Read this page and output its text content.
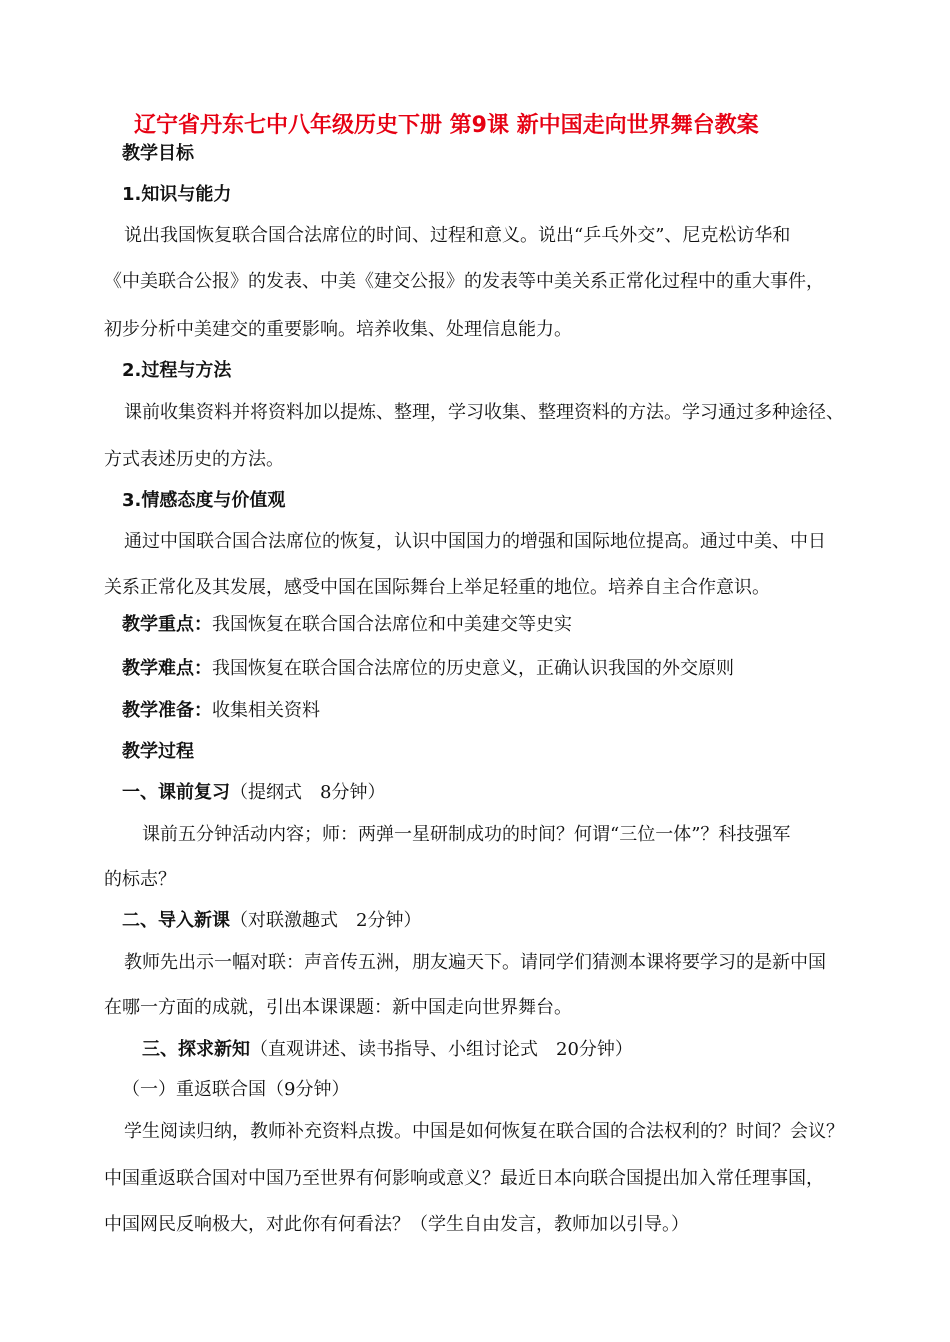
辽宁省丹东七中八年级历史下册 第9课 新中国走向世界舞台教案
教学目标
1.知识与能力
说出我国恢复联合国合法席位的时间、过程和意义。说出“乒乓外交”、尼克松访华和
《中美联合公报》的发表、中美《建交公报》的发表等中美关系正常化过程中的重大事件，
初步分析中美建交的重要影响。培养收集、处理信息能力。
2.过程与方法
课前收集资料并将资料加以提炼、整理，学习收集、整理资料的方法。学习通过多种途径、
方式表述历史的方法。
3.情感态度与价值观
通过中国联合国合法席位的恢复，认识中国国力的增强和国际地位提高。通过中美、中日
关系正常化及其发展，感受中国在国际舞台上举足轻重的地位。培养自主合作意识。
教学重点：我国恢复在联合国合法席位和中美建交等史实
教学难点：我国恢复在联合国合法席位的历史意义，正确认识我国的外交原则
教学准备：收集相关资料
教学过程
一、课前复习（提纲式　8分钟）
课前五分钟活动内容；师：两弹一星研制成功的时间？何谓“三位一体”？科技强军
的标志？
二、导入新课（对联激趣式　2分钟）
教师先出示一幅对联：声音传五洲，朋友遍天下。请同学们猜测本课将要学习的是新中国
在哪一方面的成就，引出本课课题：新中国走向世界舞台。
三、探求新知（直观讲述、读书指导、小组讨论式　20分钟）
（一）重返联合国（9分钟）
学生阅读归纳，教师补充资料点拨。中国是如何恢复在联合国的合法权利的？时间？会议？
中国重返联合国对中国乃至世界有何影响或意义？最近日本向联合国提出加入常任理事国，
中国网民反响极大，对此你有何看法？（学生自由发言，教师加以引导。）
